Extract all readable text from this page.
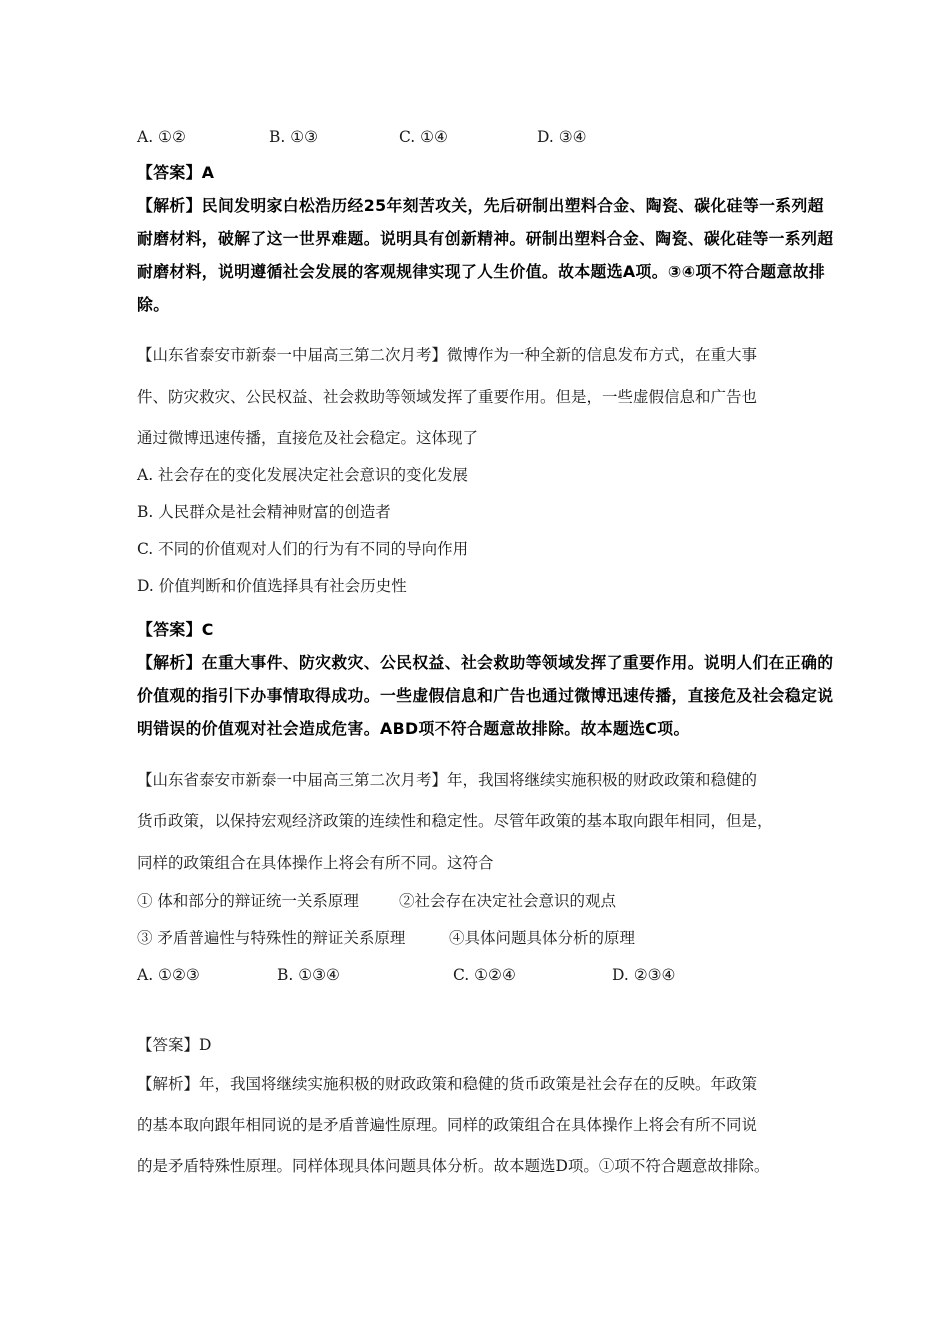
A. ①②	B. ①③	C. ①④	D. ③④
【答案】A
【解析】民间发明家白松浩历经25年刻苦攻关，先后研制出塑料合金、陶瓷、碳化硅等一系列超
耐磨材料，破解了这一世界难题。说明具有创新精神。研制出塑料合金、陶瓷、碳化硅等一系列超
耐磨材料，说明遵循社会发展的客观规律实现了人生价值。故本题选A项。③④项不符合题意故排
除。
【山东省泰安市新泰一中届高三第二次月考】微博作为一种全新的信息发布方式，在重大事
件、防灾救灾、公民权益、社会救助等领域发挥了重要作用。但是，一些虚假信息和广告也
通过微博迅速传播，直接危及社会稳定。这体现了
A. 社会存在的变化发展决定社会意识的变化发展
B. 人民群众是社会精神财富的创造者
C. 不同的价值观对人们的行为有不同的导向作用
D. 价值判断和价值选择具有社会历史性
【答案】C
【解析】在重大事件、防灾救灾、公民权益、社会救助等领域发挥了重要作用。说明人们在正确的
价值观的指引下办事情取得成功。一些虚假信息和广告也通过微博迅速传播，直接危及社会稳定说
明错误的价值观对社会造成危害。ABD项不符合题意故排除。故本题选C项。
【山东省泰安市新泰一中届高三第二次月考】年，我国将继续实施积极的财政政策和稳健的
货币政策，以保持宏观经济政策的连续性和稳定性。尽管年政策的基本取向跟年相同，但是，
同样的政策组合在具体操作上将会有所不同。这符合
① 体和部分的辩证统一关系原理	②社会存在决定社会意识的观点
③ 矛盾普遍性与特殊性的辩证关系原理	④具体问题具体分析的原理
A. ①②③	B. ①③④	C. ①②④	D. ②③④
【答案】D
【解析】年，我国将继续实施积极的财政政策和稳健的货币政策是社会存在的反映。年政策
的基本取向跟年相同说的是矛盾普遍性原理。同样的政策组合在具体操作上将会有所不同说
的是矛盾特殊性原理。同样体现具体问题具体分析。故本题选D项。①项不符合题意故排除。
